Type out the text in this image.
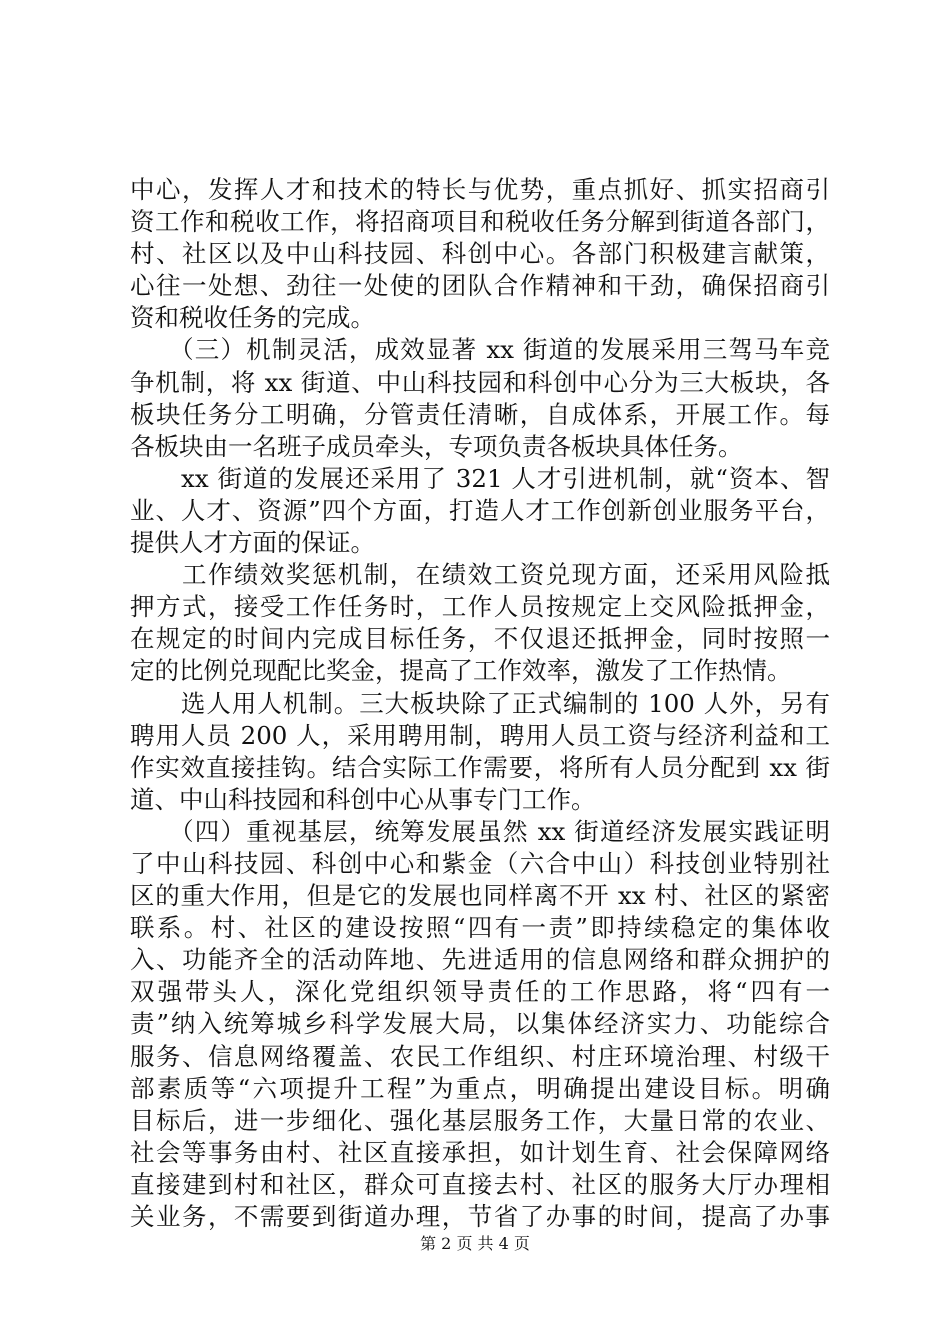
中心，发挥人才和技术的特长与优势，重点抓好、抓实招商引
资工作和税收工作，将招商项目和税收任务分解到街道各部门，
村、社区以及中山科技园、科创中心。各部门积极建言献策，
心往一处想、劲往一处使的团队合作精神和干劲，确保招商引
资和税收任务的完成。
　　（三）机制灵活，成效显著 xx 街道的发展采用三驾马车竞
争机制，将 xx 街道、中山科技园和科创中心分为三大板块，各
板块任务分工明确，分管责任清晰，自成体系，开展工作。每
各板块由一名班子成员牵头，专项负责各板块具体任务。
　　xx 街道的发展还采用了 321 人才引进机制，就“资本、智
业、人才、资源”四个方面，打造人才工作创新创业服务平台，
提供人才方面的保证。
　　工作绩效奖惩机制，在绩效工资兑现方面，还采用风险抵
押方式，接受工作任务时，工作人员按规定上交风险抵押金，
在规定的时间内完成目标任务，不仅退还抵押金，同时按照一
定的比例兑现配比奖金，提高了工作效率，激发了工作热情。
　　选人用人机制。三大板块除了正式编制的 100 人外，另有
聘用人员 200 人，采用聘用制，聘用人员工资与经济利益和工
作实效直接挂钩。结合实际工作需要，将所有人员分配到 xx 街
道、中山科技园和科创中心从事专门工作。
　　（四）重视基层，统筹发展虽然 xx 街道经济发展实践证明
了中山科技园、科创中心和紫金（六合中山）科技创业特别社
区的重大作用，但是它的发展也同样离不开 xx 村、社区的紧密
联系。村、社区的建设按照“四有一责”即持续稳定的集体收
入、功能齐全的活动阵地、先进适用的信息网络和群众拥护的
双强带头人，深化党组织领导责任的工作思路，将“四有一
责”纳入统筹城乡科学发展大局，以集体经济实力、功能综合
服务、信息网络覆盖、农民工作组织、村庄环境治理、村级干
部素质等“六项提升工程”为重点，明确提出建设目标。明确
目标后，进一步细化、强化基层服务工作，大量日常的农业、
社会等事务由村、社区直接承担，如计划生育、社会保障网络
直接建到村和社区，群众可直接去村、社区的服务大厅办理相
关业务，不需要到街道办理，节省了办事的时间，提高了办事
第 2 页 共 4 页
